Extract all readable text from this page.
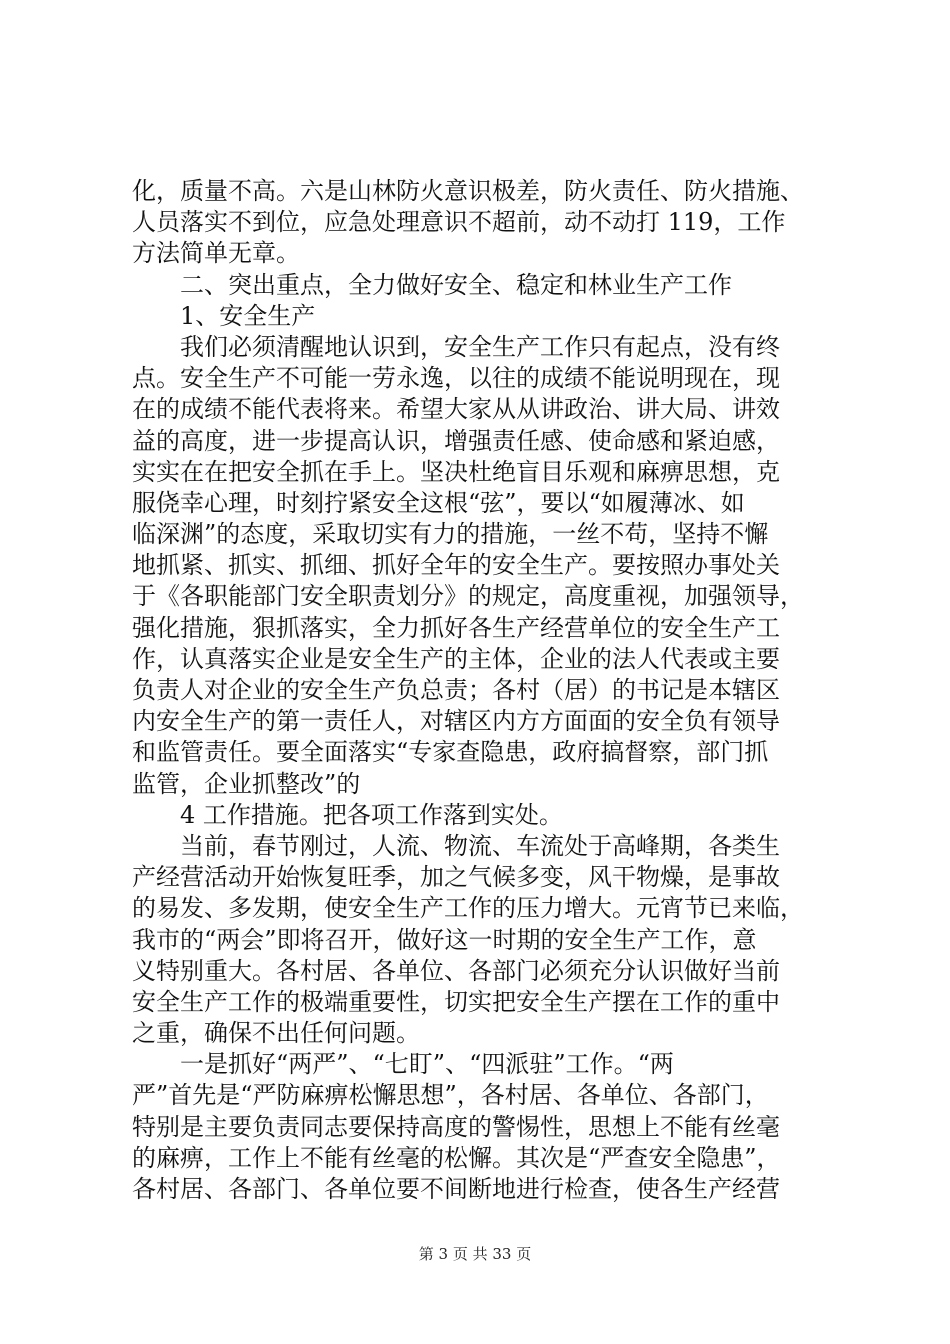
化，质量不高。六是山林防火意识极差，防火责任、防火措施、
人员落实不到位，应急处理意识不超前，动不动打 119，工作
方法简单无章。
二、突出重点，全力做好安全、稳定和林业生产工作
1、安全生产
我们必须清醒地认识到，安全生产工作只有起点，没有终
点。安全生产不可能一劳永逸，以往的成绩不能说明现在，现
在的成绩不能代表将来。希望大家从从讲政治、讲大局、讲效
益的高度，进一步提高认识，增强责任感、使命感和紧迫感，
实实在在把安全抓在手上。坚决杜绝盲目乐观和麻痹思想，克
服侥幸心理，时刻拧紧安全这根“弦”，要以“如履薄冰、如
临深渊”的态度，采取切实有力的措施，一丝不苟，坚持不懈
地抓紧、抓实、抓细、抓好全年的安全生产。要按照办事处关
于《各职能部门安全职责划分》的规定，高度重视，加强领导，
强化措施，狠抓落实，全力抓好各生产经营单位的安全生产工
作，认真落实企业是安全生产的主体，企业的法人代表或主要
负责人对企业的安全生产负总责；各村（居）的书记是本辖区
内安全生产的第一责任人，对辖区内方方面面的安全负有领导
和监管责任。要全面落实“专家查隐患，政府搞督察，部门抓
监管，企业抓整改”的
4 工作措施。把各项工作落到实处。
当前，春节刚过，人流、物流、车流处于高峰期，各类生
产经营活动开始恢复旺季，加之气候多变，风干物燥，是事故
的易发、多发期，使安全生产工作的压力增大。元宵节已来临，
我市的“两会”即将召开，做好这一时期的安全生产工作，意
义特别重大。各村居、各单位、各部门必须充分认识做好当前
安全生产工作的极端重要性，切实把安全生产摆在工作的重中
之重，确保不出任何问题。
一是抓好“两严”、“七盯”、“四派驻”工作。“两
严”首先是“严防麻痹松懈思想”，各村居、各单位、各部门，
特别是主要负责同志要保持高度的警惕性，思想上不能有丝毫
的麻痹，工作上不能有丝毫的松懈。其次是“严查安全隐患”，
各村居、各部门、各单位要不间断地进行检查，使各生产经营
第 3 页 共 33 页
